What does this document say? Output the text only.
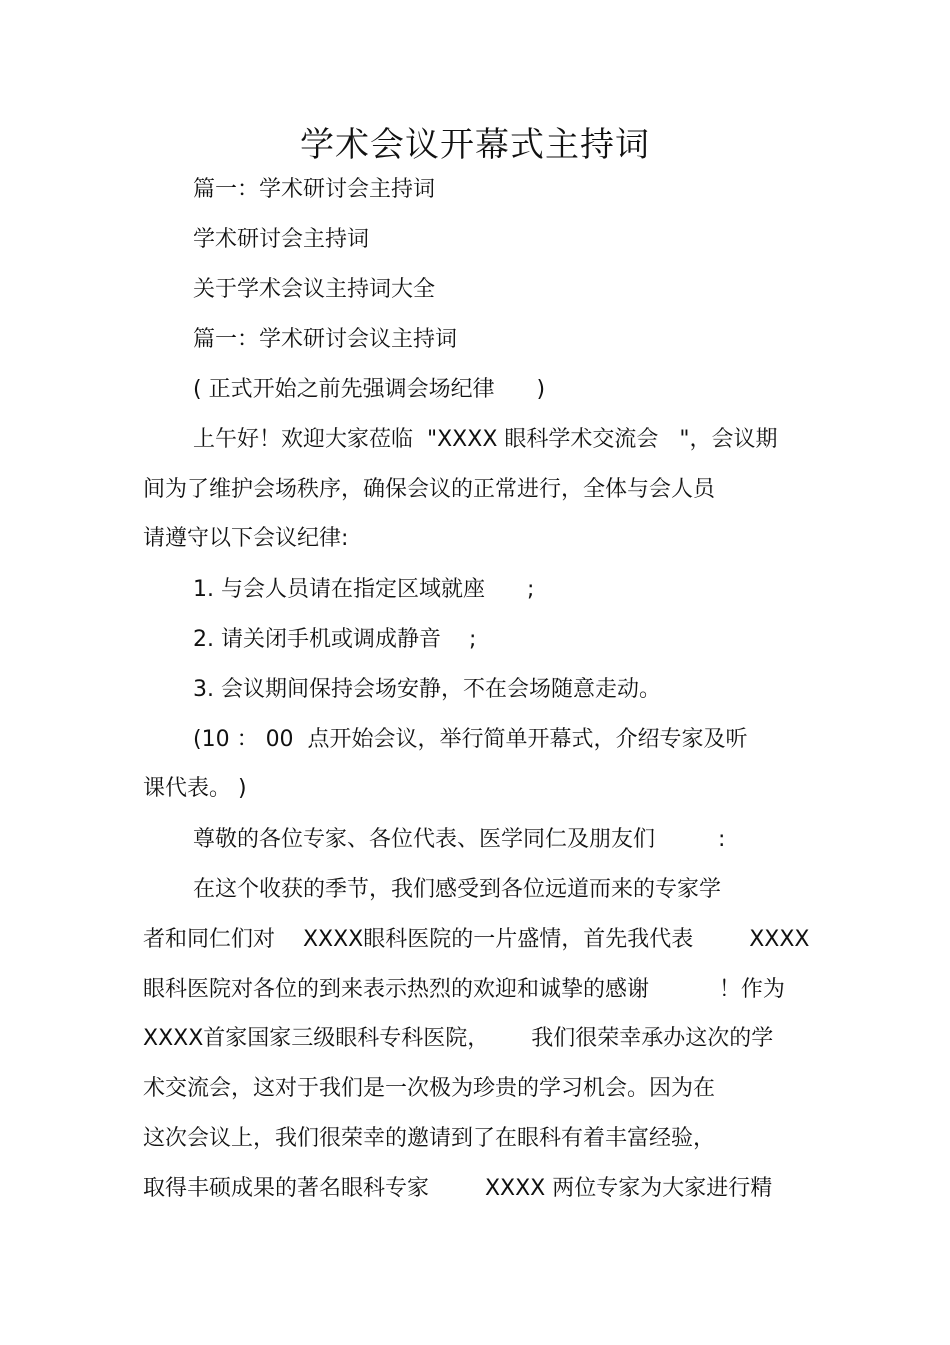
学术会议开幕式主持词
篇一：学术研讨会主持词
学术研讨会主持词
关于学术会议主持词大全
篇一：学术研讨会议主持词
( 正式开始之前先强调会场纪律      )
上午好！欢迎大家莅临  "XXXX 眼科学术交流会   "，会议期
间为了维护会场秩序，确保会议的正常进行，全体与会人员
请遵守以下会议纪律:
1. 与会人员请在指定区域就座      ;
2. 请关闭手机或调成静音    ;
3. 会议期间保持会场安静，不在会场随意走动。
(10 ： 00  点开始会议，举行简单开幕式，介绍专家及听
课代表。 )
尊敬的各位专家、各位代表、医学同仁及朋友们         :
在这个收获的季节，我们感受到各位远道而来的专家学
者和同仁们对    XXXX眼科医院的一片盛情，首先我代表        XXXX
眼科医院对各位的到来表示热烈的欢迎和诚挚的感谢          ！作为
XXXX首家国家三级眼科专科医院，      我们很荣幸承办这次的学
术交流会，这对于我们是一次极为珍贵的学习机会。因为在
这次会议上，我们很荣幸的邀请到了在眼科有着丰富经验，
取得丰硕成果的著名眼科专家        XXXX 两位专家为大家进行精
